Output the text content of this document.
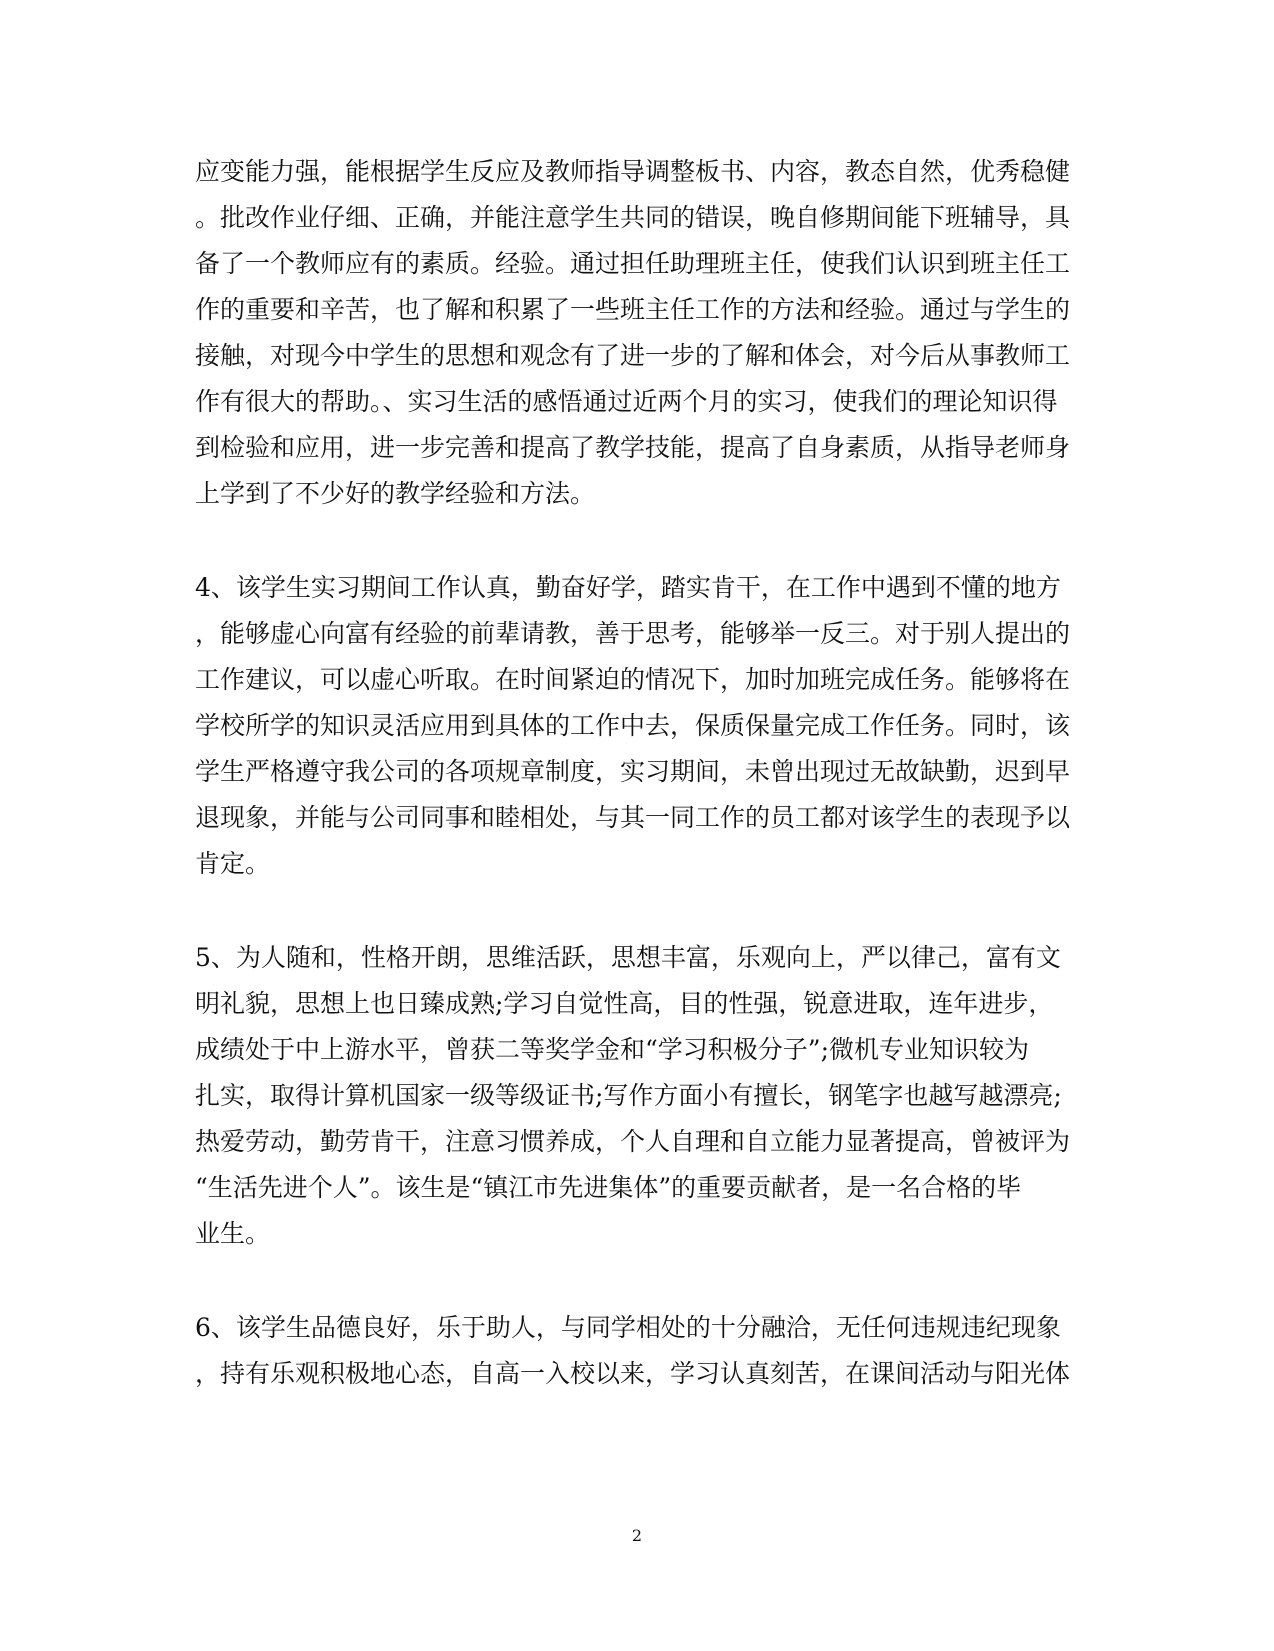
应变能力强，能根据学生反应及教师指导调整板书、内容，教态自然，优秀稳健
。批改作业仔细、正确，并能注意学生共同的错误，晚自修期间能下班辅导，具
备了一个教师应有的素质。经验。通过担任助理班主任，使我们认识到班主任工
作的重要和辛苦，也了解和积累了一些班主任工作的方法和经验。通过与学生的
接触，对现今中学生的思想和观念有了进一步的了解和体会，对今后从事教师工
作有很大的帮助。、实习生活的感悟通过近两个月的实习，使我们的理论知识得
到检验和应用，进一步完善和提高了教学技能，提高了自身素质，从指导老师身
上学到了不少好的教学经验和方法。
4、该学生实习期间工作认真，勤奋好学，踏实肯干，在工作中遇到不懂的地方
，能够虚心向富有经验的前辈请教，善于思考，能够举一反三。对于别人提出的
工作建议，可以虚心听取。在时间紧迫的情况下，加时加班完成任务。能够将在
学校所学的知识灵活应用到具体的工作中去，保质保量完成工作任务。同时，该
学生严格遵守我公司的各项规章制度，实习期间，未曾出现过无故缺勤，迟到早
退现象，并能与公司同事和睦相处，与其一同工作的员工都对该学生的表现予以
肯定。
5、为人随和，性格开朗，思维活跃，思想丰富，乐观向上，严以律己，富有文
明礼貌，思想上也日臻成熟;学习自觉性高，目的性强，锐意进取，连年进步，
成绩处于中上游水平，曾获二等奖学金和“学习积极分子”;微机专业知识较为
扎实，取得计算机国家一级等级证书;写作方面小有擅长，钢笔字也越写越漂亮;
热爱劳动，勤劳肯干，注意习惯养成，个人自理和自立能力显著提高，曾被评为
“生活先进个人”。该生是“镇江市先进集体”的重要贡献者，是一名合格的毕
业生。
6、该学生品德良好，乐于助人，与同学相处的十分融洽，无任何违规违纪现象
，持有乐观积极地心态，自高一入校以来，学习认真刻苦，在课间活动与阳光体
2
